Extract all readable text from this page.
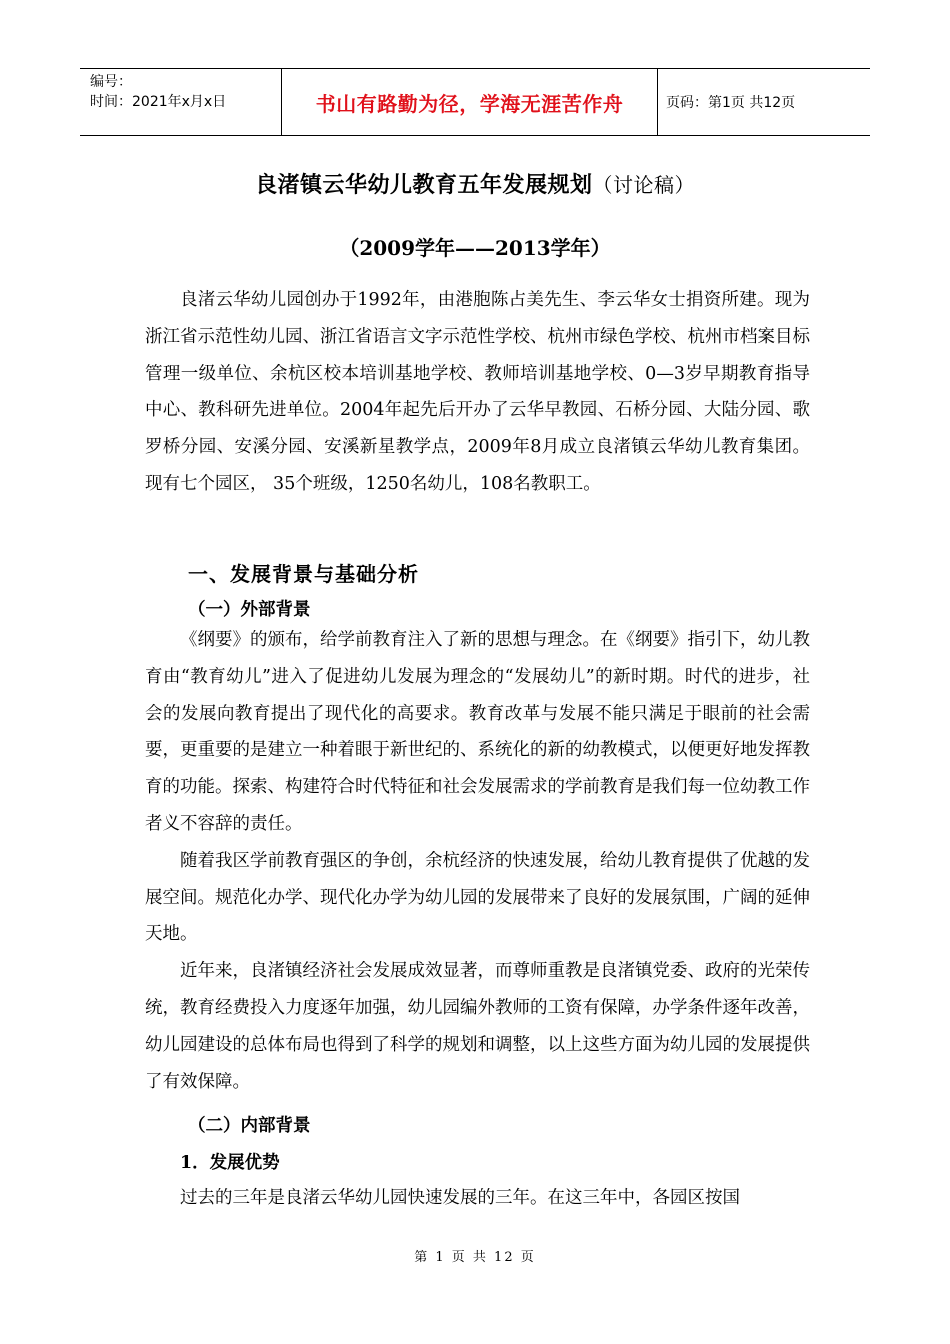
编号：
时间：2021年x月x日	书山有路勤为径，学海无涯苦作舟	页码：第1页 共12页
良渚镇云华幼儿教育五年发展规划（讨论稿）
（2009学年——2013学年）

良渚云华幼儿园创办于1992年，由港胞陈占美先生、李云华女士捐资所建。现为浙江省示范性幼儿园、浙江省语言文字示范性学校、杭州市绿色学校、杭州市档案目标管理一级单位、余杭区校本培训基地学校、教师培训基地学校、0—3岁早期教育指导中心、教科研先进单位。2004年起先后开办了云华早教园、石桥分园、大陆分园、歌罗桥分园、安溪分园、安溪新星教学点，2009年8月成立良渚镇云华幼儿教育集团。现有七个园区， 35个班级，1250名幼儿，108名教职工。

一、发展背景与基础分析
（一）外部背景

《纲要》的颁布，给学前教育注入了新的思想与理念。在《纲要》指引下，幼儿教育由“教育幼儿”进入了促进幼儿发展为理念的“发展幼儿”的新时期。时代的进步，社会的发展向教育提出了现代化的高要求。教育改革与发展不能只满足于眼前的社会需要，更重要的是建立一种着眼于新世纪的、系统化的新的幼教模式，以便更好地发挥教育的功能。探索、构建符合时代特征和社会发展需求的学前教育是我们每一位幼教工作者义不容辞的责任。

随着我区学前教育强区的争创，余杭经济的快速发展，给幼儿教育提供了优越的发展空间。规范化办学、现代化办学为幼儿园的发展带来了良好的发展氛围，广阔的延伸天地。

近年来，良渚镇经济社会发展成效显著，而尊师重教是良渚镇党委、政府的光荣传统，教育经费投入力度逐年加强，幼儿园编外教师的工资有保障，办学条件逐年改善，幼儿园建设的总体布局也得到了科学的规划和调整，以上这些方面为幼儿园的发展提供了有效保障。

（二）内部背景
1．发展优势

过去的三年是良渚云华幼儿园快速发展的三年。在这三年中，各园区按国

第 1 页 共 12 页
